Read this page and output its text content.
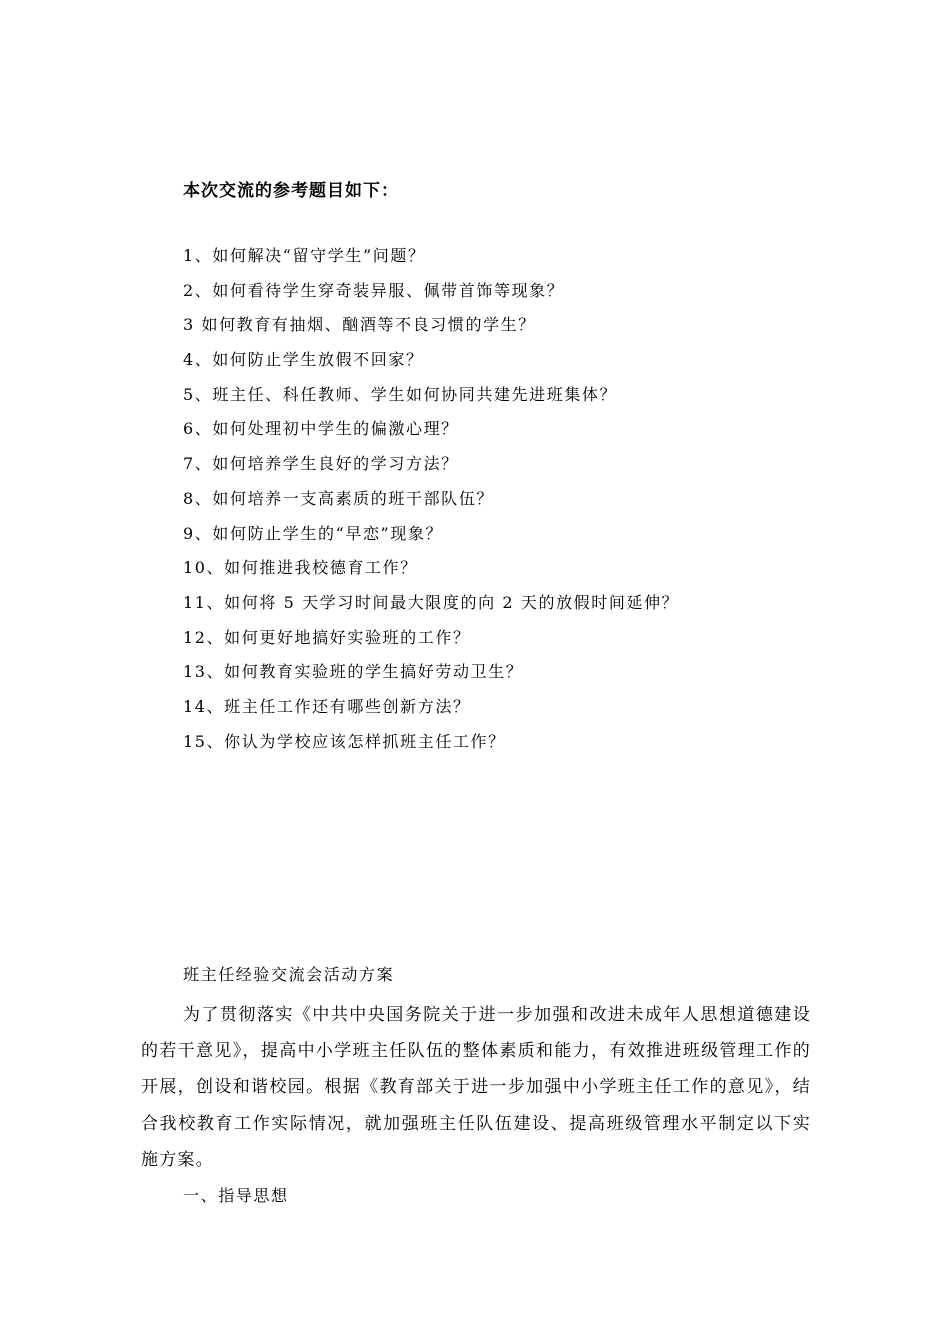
本次交流的参考题目如下：
1、如何解决“留守学生”问题？
2、如何看待学生穿奇装异服、佩带首饰等现象？
3 如何教育有抽烟、酗酒等不良习惯的学生？
4、如何防止学生放假不回家？
5、班主任、科任教师、学生如何协同共建先进班集体？
6、如何处理初中学生的偏激心理？
7、如何培养学生良好的学习方法？
8、如何培养一支高素质的班干部队伍？
9、如何防止学生的“早恋”现象？
10、如何推进我校德育工作？
11、如何将 5 天学习时间最大限度的向 2 天的放假时间延伸？
12、如何更好地搞好实验班的工作？
13、如何教育实验班的学生搞好劳动卫生？
14、班主任工作还有哪些创新方法？
15、你认为学校应该怎样抓班主任工作？
班主任经验交流会活动方案

为了贯彻落实《中共中央国务院关于进一步加强和改进未成年人思想道德建设的若干意见》，提高中小学班主任队伍的整体素质和能力，有效推进班级管理工作的开展，创设和谐校园。根据《教育部关于进一步加强中小学班主任工作的意见》，结合我校教育工作实际情况，就加强班主任队伍建设、提高班级管理水平制定以下实施方案。

一、指导思想
